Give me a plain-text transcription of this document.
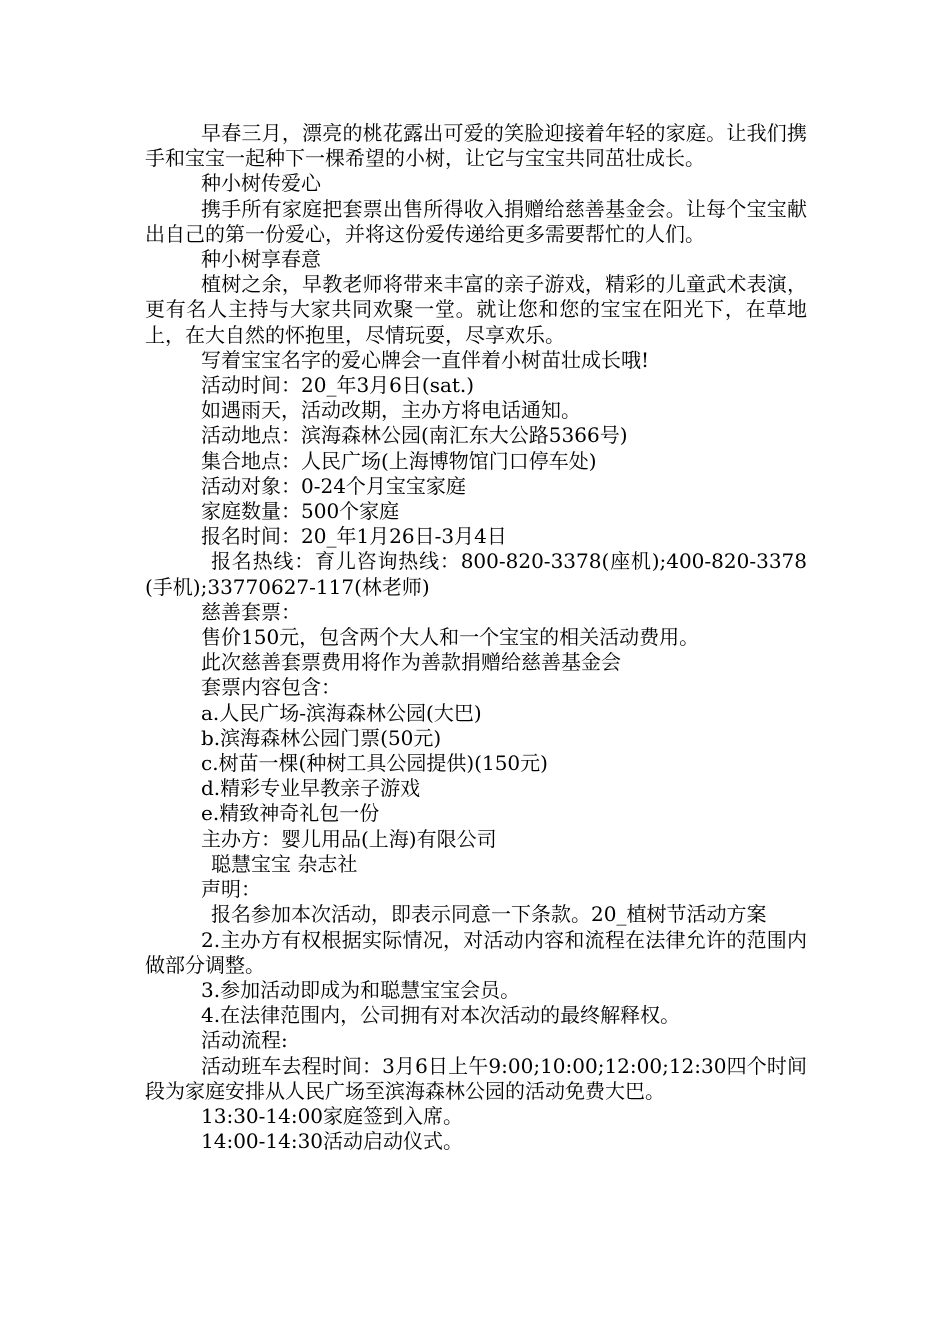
早春三月，漂亮的桃花露出可爱的笑脸迎接着年轻的家庭。让我们携手和宝宝一起种下一棵希望的小树，让它与宝宝共同茁壮成长。

种小树传爱心

携手所有家庭把套票出售所得收入捐赠给慈善基金会。让每个宝宝献出自己的第一份爱心，并将这份爱传递给更多需要帮忙的人们。

种小树享春意

植树之余，早教老师将带来丰富的亲子游戏，精彩的儿童武术表演，更有名人主持与大家共同欢聚一堂。就让您和您的宝宝在阳光下，在草地上，在大自然的怀抱里，尽情玩耍，尽享欢乐。

写着宝宝名字的爱心牌会一直伴着小树苗壮成长哦!

活动时间：20_年3月6日(sat.)

如遇雨天，活动改期，主办方将电话通知。

活动地点：滨海森林公园(南汇东大公路5366号)

集合地点：人民广场(上海博物馆门口停车处)

活动对象：0-24个月宝宝家庭

家庭数量：500个家庭

报名时间：20_年1月26日-3月4日

报名热线：育儿咨询热线：800-820-3378(座机);400-820-3378(手机);33770627-117(林老师)

慈善套票：

售价150元，包含两个大人和一个宝宝的相关活动费用。

此次慈善套票费用将作为善款捐赠给慈善基金会

套票内容包含：

a.人民广场-滨海森林公园(大巴)

b.滨海森林公园门票(50元)

c.树苗一棵(种树工具公园提供)(150元)

d.精彩专业早教亲子游戏

e.精致神奇礼包一份

主办方：婴儿用品(上海)有限公司

聪慧宝宝 杂志社

声明：

报名参加本次活动，即表示同意一下条款。20_植树节活动方案

2.主办方有权根据实际情况，对活动内容和流程在法律允许的范围内做部分调整。

3.参加活动即成为和聪慧宝宝会员。

4.在法律范围内，公司拥有对本次活动的最终解释权。

活动流程:

活动班车去程时间：3月6日上午9:00;10:00;12:00;12:30四个时间段为家庭安排从人民广场至滨海森林公园的活动免费大巴。

13:30-14:00家庭签到入席。

14:00-14:30活动启动仪式。
